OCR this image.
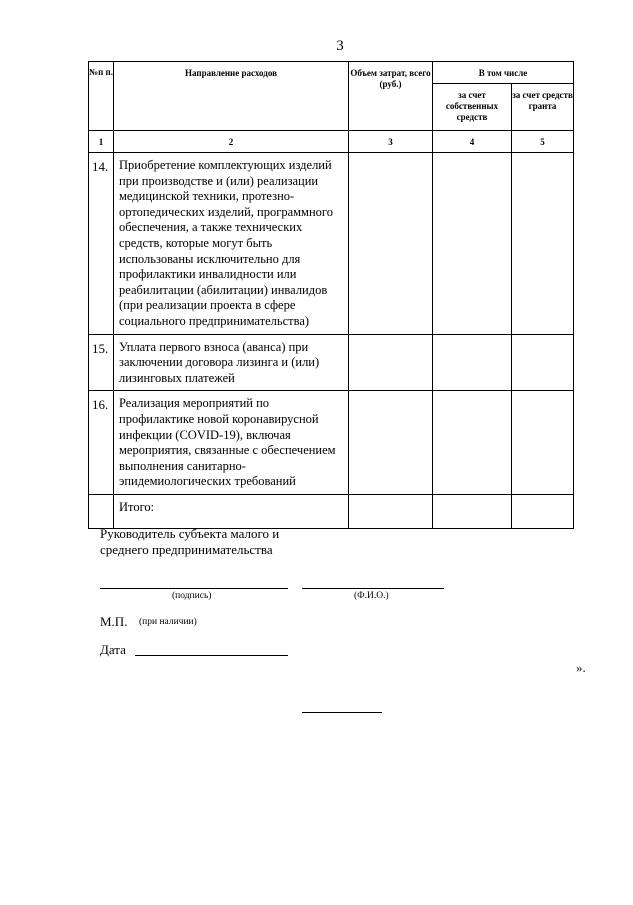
3
№п п.	Направление расходов	Объем затрат, всего (руб.)	В том числе	
			за счет собственных средств	за счет средств гранта
1	2	3	4	5
14.	Приобретение комплектующих изделий при производстве и (или) реализации медицинской техники, протезно-ортопедических изделий, программного обеспечения, а также технических средств, которые могут быть использованы исключительно для профилактики инвалидности или реабилитации (абилитации) инвалидов (при реализации проекта в сфере социального предпринимательства)			
15.	Уплата первого взноса (аванса) при заключении договора лизинга и (или) лизинговых платежей			
16.	Реализация мероприятий по профилактике новой коронавирусной инфекции (COVID-19), включая мероприятия, связанные с обеспечением выполнения санитарно-эпидемиологических требований			
	Итого:			
Руководитель субъекта малого и
среднего предпринимательства
(подпись)	(Ф.И.О.)
М.П. (при наличии)
Дата
».
